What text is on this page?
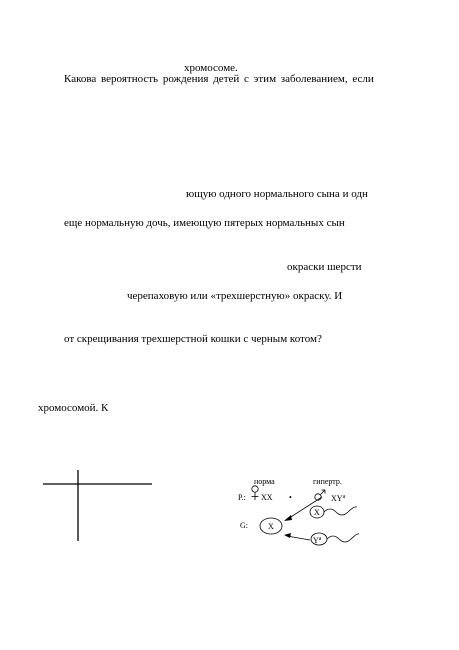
хромосоме.
Какова вероятность рождения детей с этим заболеванием, если
ющую одного нормального сына и одн
еще нормальную дочь, имеющую пятерых нормальных сын
окраски шерсти
черепаховую или «трехшерстную» окраску. И
от скрещивания трехшерстной кошки с черным котом?
хромосомой. К
норма	гипертр.
P.: XX •	$XY^a$
G:	X
X
$Y^a$
